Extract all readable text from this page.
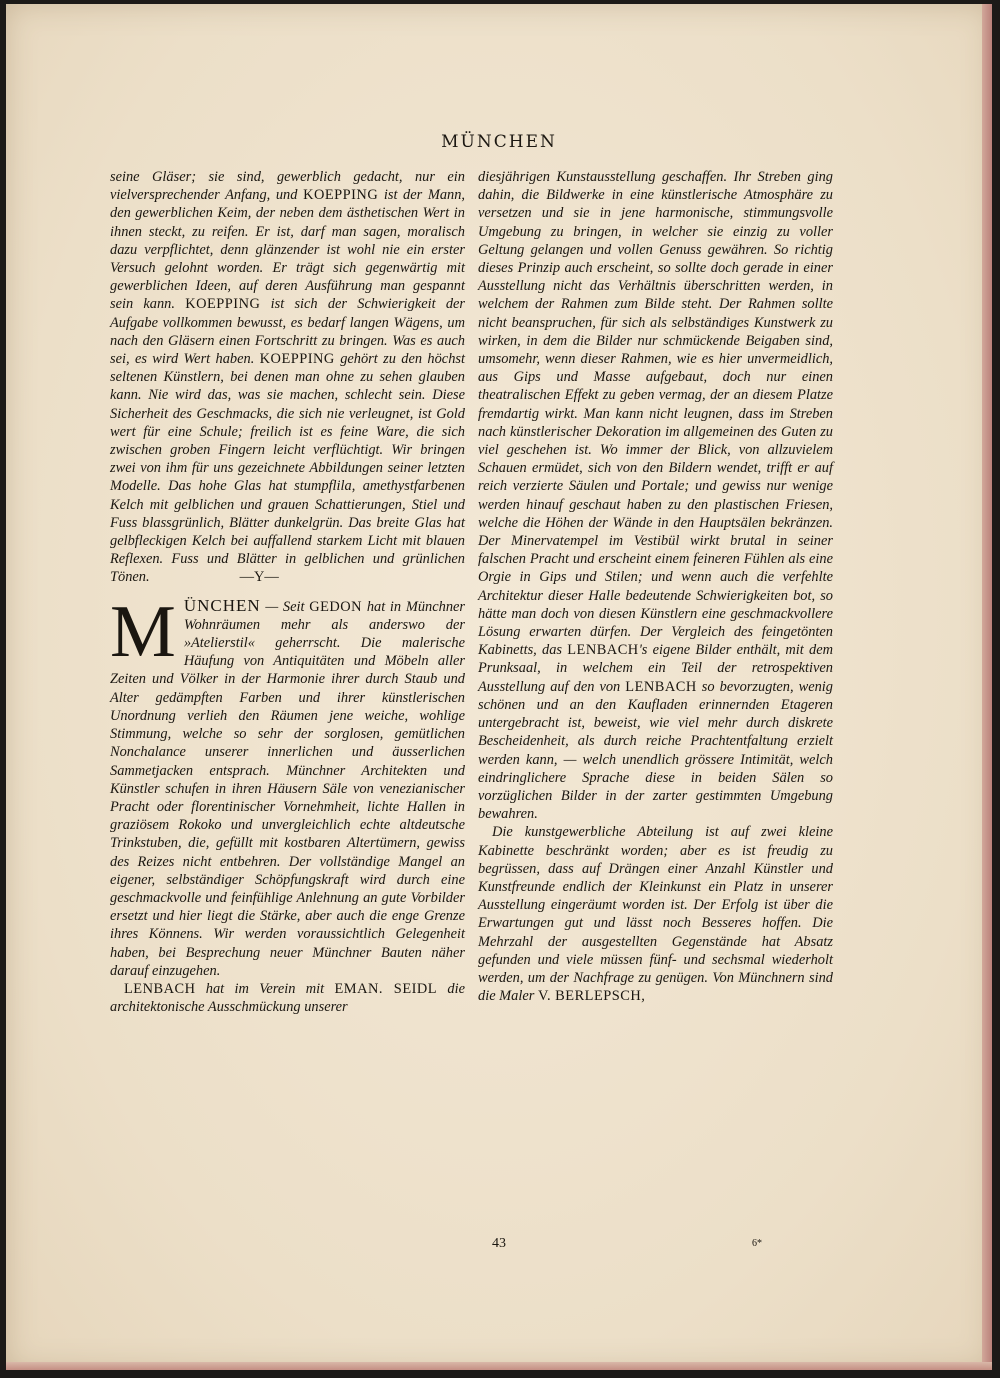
MÜNCHEN

seine Gläser; sie sind, gewerblich gedacht, nur ein vielversprechender Anfang, und KOEPPING ist der Mann, den gewerblichen Keim, der neben dem ästhetischen Wert in ihnen steckt, zu reifen. Er ist, darf man sagen, moralisch dazu verpflichtet, denn glänzender ist wohl nie ein erster Versuch gelohnt worden. Er trägt sich gegenwärtig mit gewerblichen Ideen, auf deren Ausführung man gespannt sein kann. KOEPPING ist sich der Schwierigkeit der Aufgabe vollkommen bewusst, es bedarf langen Wägens, um nach den Gläsern einen Fortschritt zu bringen. Was es auch sei, es wird Wert haben. KOEPPING gehört zu den höchst seltenen Künstlern, bei denen man ohne zu sehen glauben kann. Nie wird das, was sie machen, schlecht sein. Diese Sicherheit des Geschmacks, die sich nie verleugnet, ist Gold wert für eine Schule; freilich ist es feine Ware, die sich zwischen groben Fingern leicht verflüchtigt. Wir bringen zwei von ihm für uns gezeichnete Abbildungen seiner letzten Modelle. Das hohe Glas hat stumpflila, amethystfarbenen Kelch mit gelblichen und grauen Schattierungen, Stiel und Fuss blassgrünlich, Blätter dunkelgrün. Das breite Glas hat gelbfleckigen Kelch bei auffallend starkem Licht mit blauen Reflexen. Fuss und Blätter in gelblichen und grünlichen Tönen.	—Y—

M ÜNCHEN — Seit GEDON hat in Münchner Wohnräumen mehr als anderswo der »Atelierstil« geherrscht. Die malerische Häufung von Antiquitäten und Möbeln aller Zeiten und Völker in der Harmonie ihrer durch Staub und Alter gedämpften Farben und ihrer künstlerischen Unordnung verlieh den Räumen jene weiche, wohlige Stimmung, welche so sehr der sorglosen, gemütlichen Nonchalance unserer innerlichen und äusserlichen Sammetjacken entsprach. Münchner Architekten und Künstler schufen in ihren Häusern Säle von venezianischer Pracht oder florentinischer Vornehmheit, lichte Hallen in graziösem Rokoko und unvergleichlich echte altdeutsche Trinkstuben, die, gefüllt mit kostbaren Altertümern, gewiss des Reizes nicht entbehren. Der vollständige Mangel an eigener, selbständiger Schöpfungskraft wird durch eine geschmackvolle und feinfühlige Anlehnung an gute Vorbilder ersetzt und hier liegt die Stärke, aber auch die enge Grenze ihres Könnens. Wir werden voraussichtlich Gelegenheit haben, bei Besprechung neuer Münchner Bauten näher darauf einzugehen.

LENBACH hat im Verein mit EMAN. SEIDL die architektonische Ausschmückung unserer

diesjährigen Kunstausstellung geschaffen. Ihr Streben ging dahin, die Bildwerke in eine künstlerische Atmosphäre zu versetzen und sie in jene harmonische, stimmungsvolle Umgebung zu bringen, in welcher sie einzig zu voller Geltung gelangen und vollen Genuss gewähren. So richtig dieses Prinzip auch erscheint, so sollte doch gerade in einer Ausstellung nicht das Verhältnis überschritten werden, in welchem der Rahmen zum Bilde steht. Der Rahmen sollte nicht beanspruchen, für sich als selbständiges Kunstwerk zu wirken, in dem die Bilder nur schmückende Beigaben sind, umsomehr, wenn dieser Rahmen, wie es hier unvermeidlich, aus Gips und Masse aufgebaut, doch nur einen theatralischen Effekt zu geben vermag, der an diesem Platze fremdartig wirkt. Man kann nicht leugnen, dass im Streben nach künstlerischer Dekoration im allgemeinen des Guten zu viel geschehen ist. Wo immer der Blick, von allzuvielem Schauen ermüdet, sich von den Bildern wendet, trifft er auf reich verzierte Säulen und Portale; und gewiss nur wenige werden hinauf geschaut haben zu den plastischen Friesen, welche die Höhen der Wände in den Hauptsälen bekränzen. Der Minervatempel im Vestibül wirkt brutal in seiner falschen Pracht und erscheint einem feineren Fühlen als eine Orgie in Gips und Stilen; und wenn auch die verfehlte Architektur dieser Halle bedeutende Schwierigkeiten bot, so hätte man doch von diesen Künstlern eine geschmackvollere Lösung erwarten dürfen. Der Vergleich des feingetönten Kabinetts, das LENBACH's eigene Bilder enthält, mit dem Prunksaal, in welchem ein Teil der retrospektiven Ausstellung auf den von LENBACH so bevorzugten, wenig schönen und an den Kaufladen erinnernden Etageren untergebracht ist, beweist, wie viel mehr durch diskrete Bescheidenheit, als durch reiche Prachtentfaltung erzielt werden kann, — welch unendlich grössere Intimität, welch eindringlichere Sprache diese in beiden Sälen so vorzüglichen Bilder in der zarter gestimmten Umgebung bewahren.

Die kunstgewerbliche Abteilung ist auf zwei kleine Kabinette beschränkt worden; aber es ist freudig zu begrüssen, dass auf Drängen einer Anzahl Künstler und Kunstfreunde endlich der Kleinkunst ein Platz in unserer Ausstellung eingeräumt worden ist. Der Erfolg ist über die Erwartungen gut und lässt noch Besseres hoffen. Die Mehrzahl der ausgestellten Gegenstände hat Absatz gefunden und viele müssen fünf- und sechsmal wiederholt werden, um der Nachfrage zu genügen. Von Münchnern sind die Maler V. BERLEPSCH,

43	6*
